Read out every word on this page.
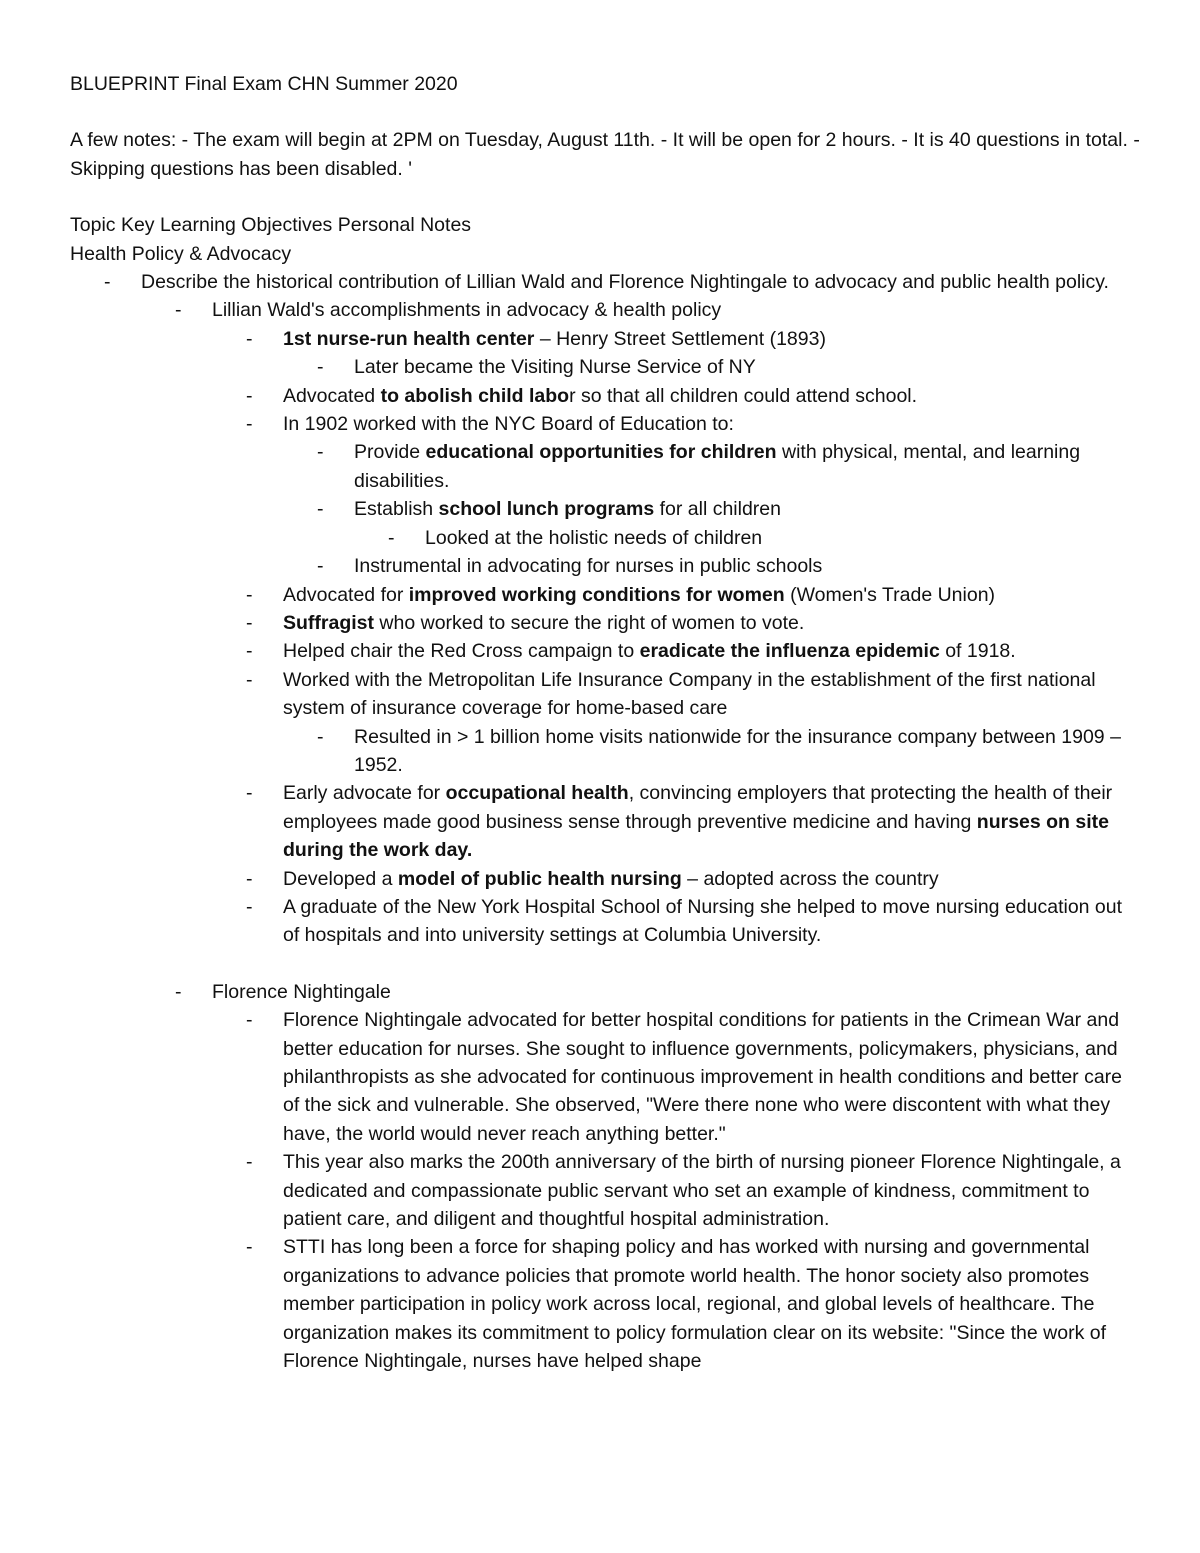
BLUEPRINT Final Exam CHN Summer 2020

A few notes: - The exam will begin at 2PM on Tuesday, August 11th. - It will be open for 2 hours. - It is 40 questions in total. - Skipping questions has been disabled. '

Topic Key Learning Objectives Personal Notes

Health Policy & Advocacy

-	Describe the historical contribution of Lillian Wald and Florence Nightingale to advocacy and public health policy.
-	Lillian Wald's accomplishments in advocacy & health policy
-	1st nurse-run health center – Henry Street Settlement (1893)
-	Later became the Visiting Nurse Service of NY
-	Advocated to abolish child labor so that all children could attend school.
-	In 1902 worked with the NYC Board of Education to:
-	Provide educational opportunities for children with physical, mental, and learning disabilities.
-	Establish school lunch programs for all children
-	Looked at the holistic needs of children
-	Instrumental in advocating for nurses in public schools
-	Advocated for improved working conditions for women (Women's Trade Union)
-	Suffragist who worked to secure the right of women to vote.
-	Helped chair the Red Cross campaign to eradicate the influenza epidemic of 1918.
-	Worked with the Metropolitan Life Insurance Company in the establishment of the first national system of insurance coverage for home-based care
-	Resulted in > 1 billion home visits nationwide for the insurance company between 1909 – 1952.
-	Early advocate for occupational health, convincing employers that protecting the health of their employees made good business sense through preventive medicine and having nurses on site during the work day.
-	Developed a model of public health nursing – adopted across the country
-	A graduate of the New York Hospital School of Nursing she helped to move nursing education out of hospitals and into university settings at Columbia University.
-	Florence Nightingale
-	Florence Nightingale advocated for better hospital conditions for patients in the Crimean War and better education for nurses. She sought to influence governments, policymakers, physicians, and philanthropists as she advocated for continuous improvement in health conditions and better care of the sick and vulnerable. She observed, "Were there none who were discontent with what they have, the world would never reach anything better."
-	This year also marks the 200th anniversary of the birth of nursing pioneer Florence Nightingale, a dedicated and compassionate public servant who set an example of kindness, commitment to patient care, and diligent and thoughtful hospital administration.
-	STTI has long been a force for shaping policy and has worked with nursing and governmental organizations to advance policies that promote world health. The honor society also promotes member participation in policy work across local, regional, and global levels of healthcare. The organization makes its commitment to policy formulation clear on its website: "Since the work of Florence Nightingale, nurses have helped shape
